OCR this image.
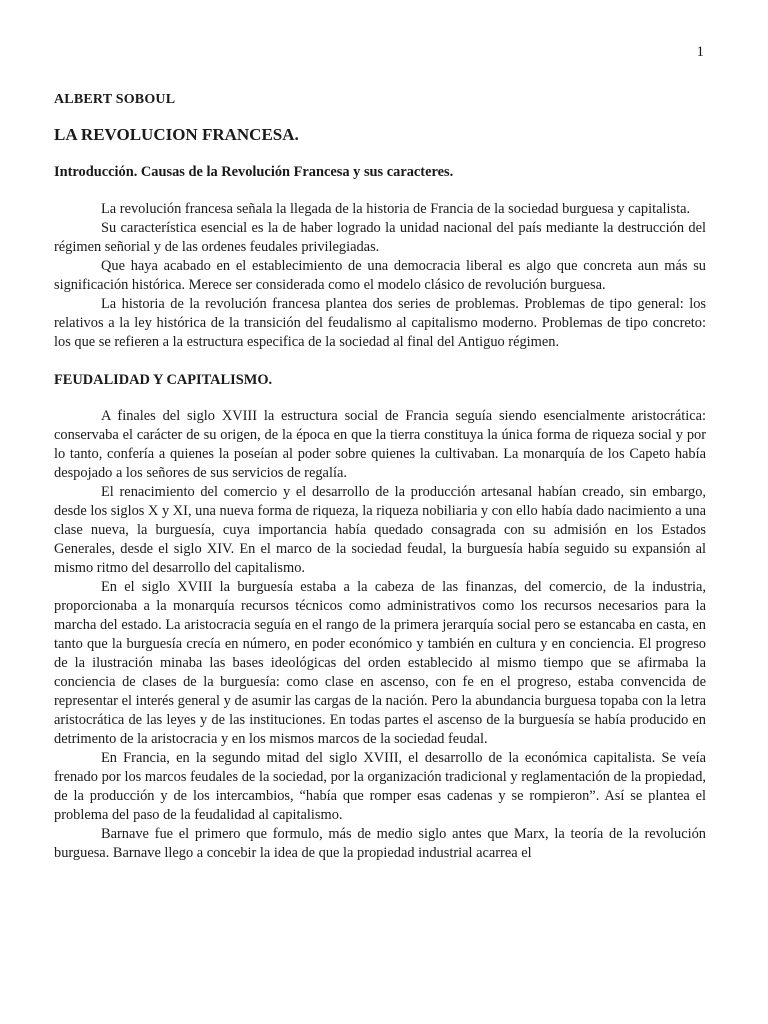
1

ALBERT SOBOUL

LA REVOLUCION FRANCESA.

Introducción. Causas de la Revolución Francesa y sus caracteres.

La revolución francesa señala la llegada de la historia de Francia de la sociedad burguesa y capitalista.

Su característica esencial es la de haber logrado la unidad nacional del país mediante la destrucción del régimen señorial y de las ordenes feudales privilegiadas.

Que haya acabado en el establecimiento de una democracia liberal es algo que concreta aun más su significación histórica. Merece ser considerada como el modelo clásico de revolución burguesa.

La historia de la revolución francesa plantea dos series de problemas. Problemas de tipo general: los relativos a la ley histórica de la transición del feudalismo al capitalismo moderno. Problemas de tipo concreto: los que se refieren a la estructura especifica de la sociedad al final del Antiguo régimen.

FEUDALIDAD Y CAPITALISMO.

A finales del siglo XVIII la estructura social de Francia seguía siendo esencialmente aristocrática: conservaba el carácter de su origen, de la época en que la tierra constituya la única forma de riqueza social y por lo tanto, confería a quienes la poseían al poder sobre quienes la cultivaban. La monarquía de los Capeto había despojado a los señores de sus servicios de regalía.

El renacimiento del comercio y el desarrollo de la producción artesanal habían creado, sin embargo, desde los siglos X y XI, una nueva forma de riqueza, la riqueza nobiliaria y con ello había dado nacimiento a una clase nueva, la burguesía, cuya importancia había quedado consagrada con su admisión en los Estados Generales, desde el siglo XIV. En el marco de la sociedad feudal, la burguesía había seguido su expansión al mismo ritmo del desarrollo del capitalismo.

En el siglo XVIII la burguesía estaba a la cabeza de las finanzas, del comercio, de la industria, proporcionaba a la monarquía recursos técnicos como administrativos como los recursos necesarios para la marcha del estado. La aristocracia seguía en el rango de la primera jerarquía social pero se estancaba en casta, en tanto que la burguesía crecía en número, en poder económico y también en cultura y en conciencia. El progreso de la ilustración minaba las bases ideológicas del orden establecido al mismo tiempo que se afirmaba la conciencia de clases de la burguesía: como clase en ascenso, con fe en el progreso, estaba convencida de representar el interés general y de asumir las cargas de la nación. Pero la abundancia burguesa topaba con la letra aristocrática de las leyes y de las instituciones. En todas partes el ascenso de la burguesía se había producido en detrimento de la aristocracia y en los mismos marcos de la sociedad feudal.

En Francia, en la segundo mitad del siglo XVIII, el desarrollo de la económica capitalista. Se veía frenado por los marcos feudales de la sociedad, por la organización tradicional y reglamentación de la propiedad, de la producción y de los intercambios, “había que romper esas cadenas y se rompieron”. Así se plantea el problema del paso de la feudalidad al capitalismo.

Barnave fue el primero que formulo, más de medio siglo antes que Marx, la teoría de la revolución burguesa. Barnave llego a concebir la idea de que la propiedad industrial acarrea el
